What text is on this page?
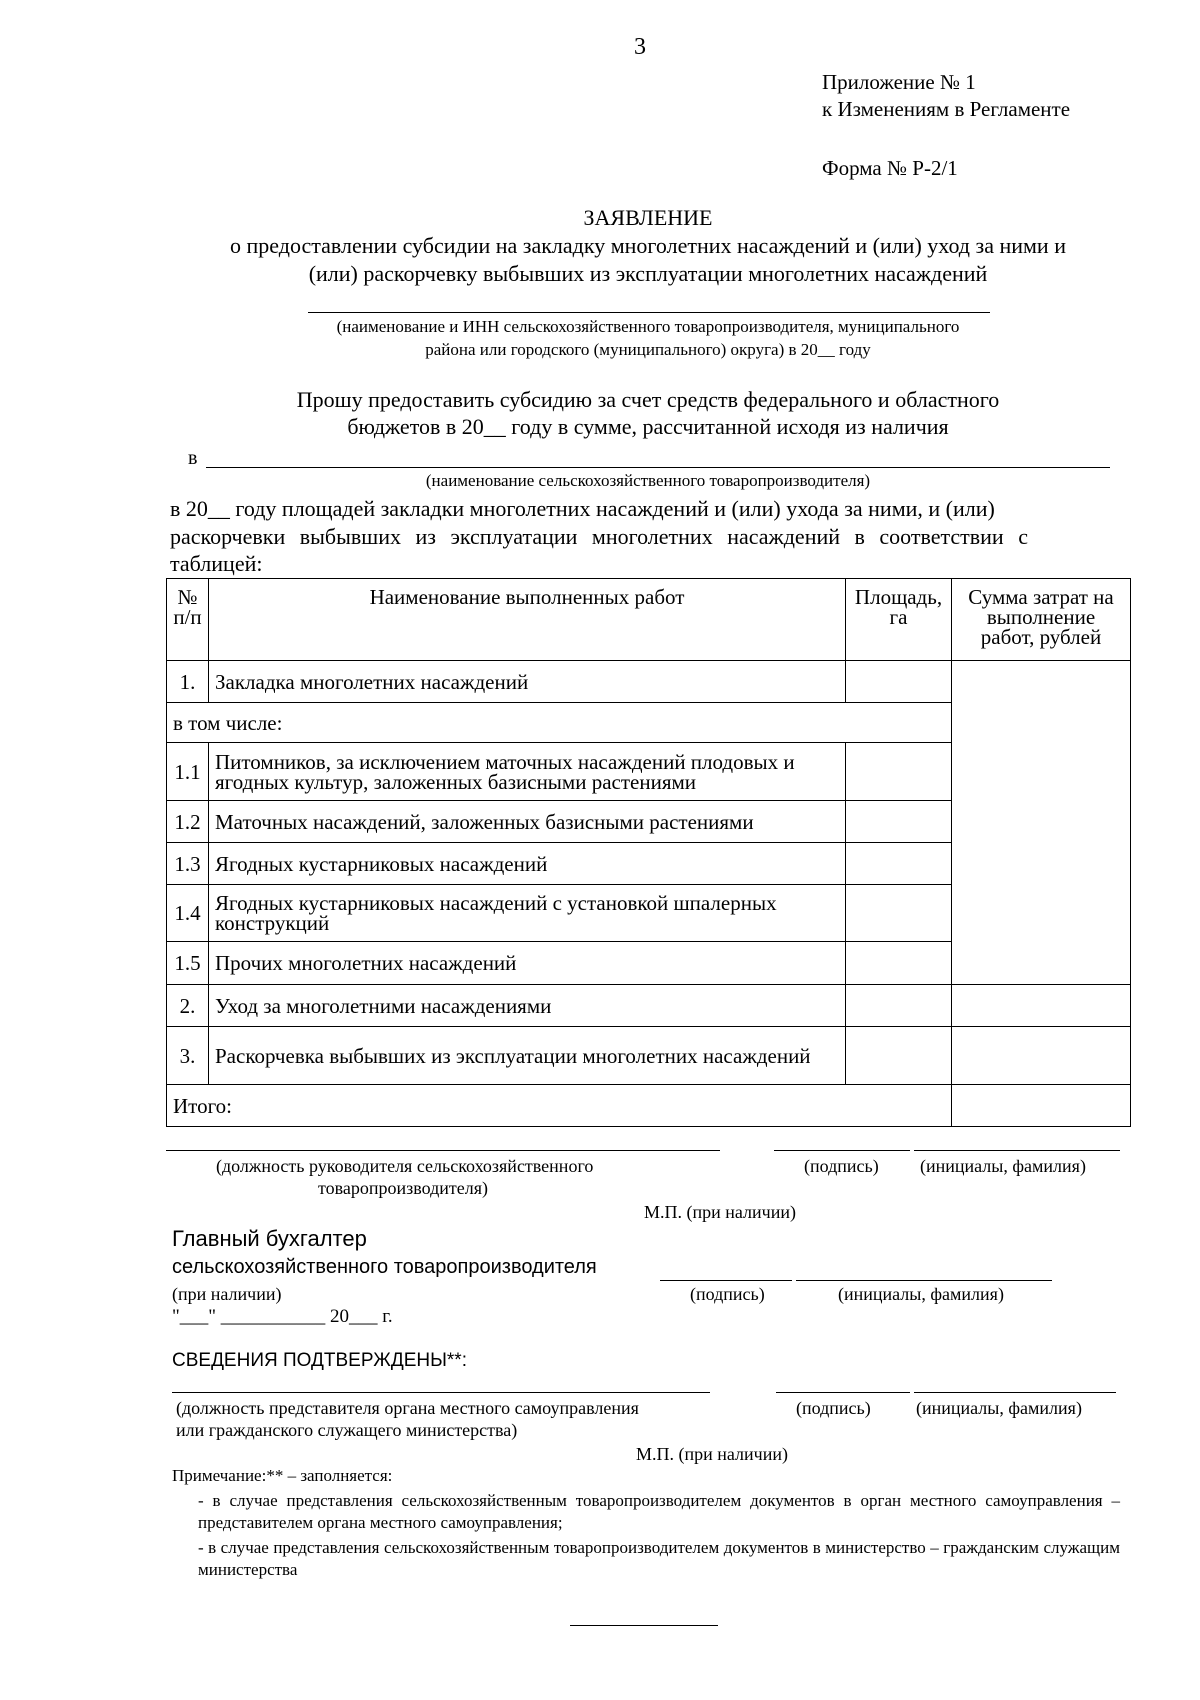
3
Приложение № 1
к Изменениям в Регламенте
Форма № Р-2/1
ЗАЯВЛЕНИЕ
о предоставлении субсидии на закладку многолетних насаждений и (или) уход за ними и
(или) раскорчевку выбывших из эксплуатации многолетних насаждений
(наименование и ИНН сельскохозяйственного товаропроизводителя, муниципального
района или городского (муниципального) округа) в 20__ году
Прошу предоставить субсидию за счет средств федерального и областного
бюджетов в 20__ году в сумме, рассчитанной исходя из наличия
в
(наименование сельскохозяйственного товаропроизводителя)
в 20__ году площадей закладки многолетних насаждений и (или) ухода за ними, и (или)
раскорчевки выбывших из эксплуатации многолетних насаждений в соответствии с
таблицей:
№ п/п	Наименование выполненных работ	Площадь, га	Сумма затрат на выполнение работ, рублей
1.	Закладка многолетних насаждений		
в том числе:			
1.1	Питомников, за исключением маточных насаждений плодовых и ягодных культур, заложенных базисными растениями		
1.2	Маточных насаждений, заложенных базисными растениями		
1.3	Ягодных кустарниковых насаждений		
1.4	Ягодных кустарниковых насаждений с установкой шпалерных конструкций		
1.5	Прочих многолетних насаждений		
2.	Уход за многолетними насаждениями		
3.	Раскорчевка выбывших из эксплуатации многолетних насаждений		
Итого:			
(должность руководителя сельскохозяйственного
товаропроизводителя)
(подпись) (инициалы, фамилия)
М.П. (при наличии)
Главный бухгалтер
сельскохозяйственного товаропроизводителя
(при наличии)	(подпись)	(инициалы, фамилия)
"___" ___________ 20___ г.
СВЕДЕНИЯ ПОДТВЕРЖДЕНЫ**:
(должность представителя органа местного самоуправления
или гражданского служащего министерства)
(подпись)	(инициалы, фамилия)
М.П. (при наличии)
Примечание:** – заполняется:
- в случае представления сельскохозяйственным товаропроизводителем документов в орган местного самоуправления – представителем органа местного самоуправления;
- в случае представления сельскохозяйственным товаропроизводителем документов в министерство – гражданским служащим министерства
